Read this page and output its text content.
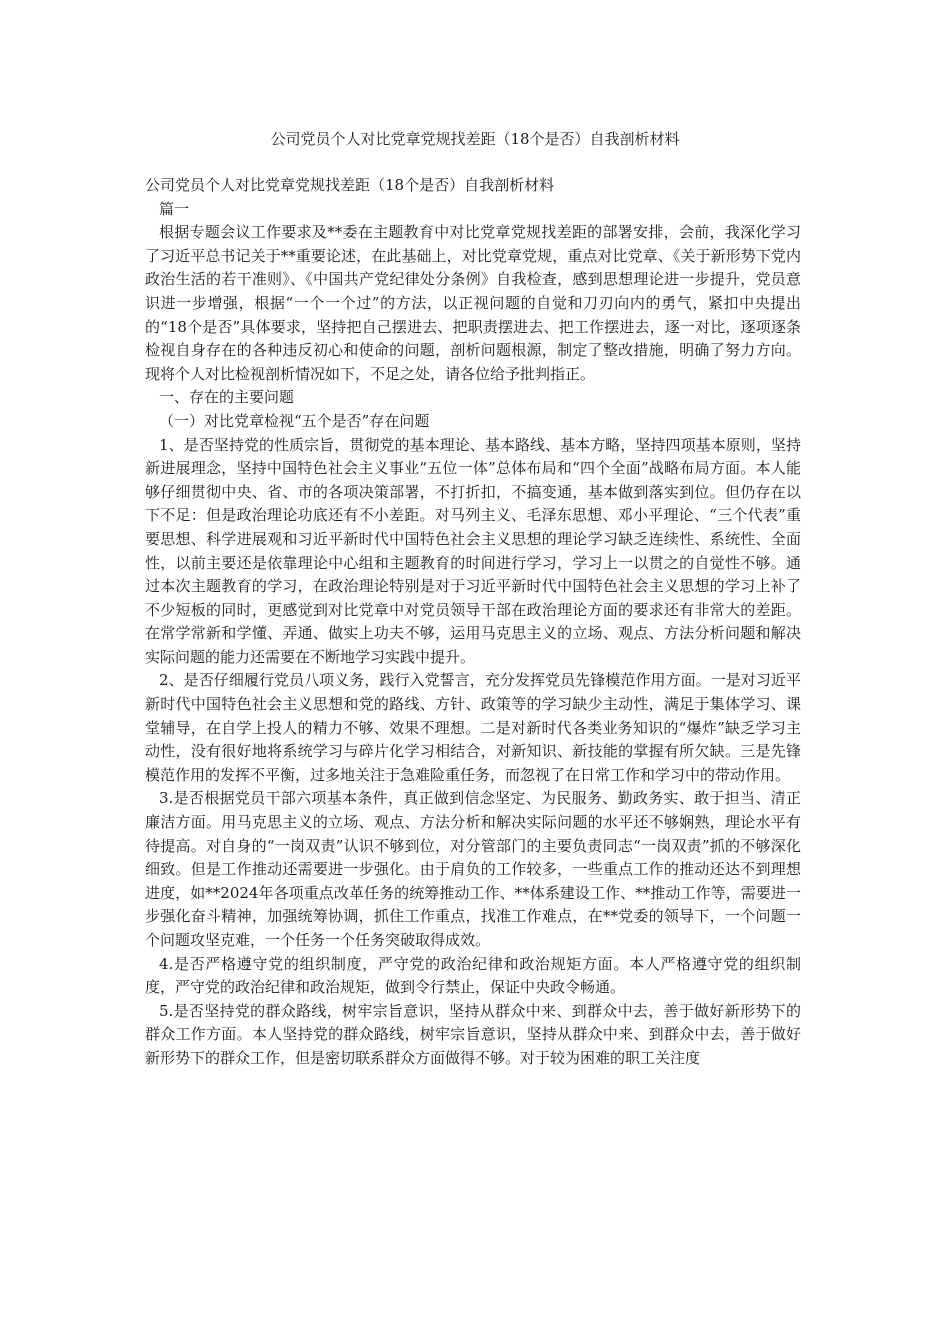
公司党员个人对比党章党规找差距（18个是否）自我剖析材料

公司党员个人对比党章党规找差距（18个是否）自我剖析材料

篇一

根据专题会议工作要求及**委在主题教育中对比党章党规找差距的部署安排，会前，我深化学习了习近平总书记关于**重要论述，在此基础上，对比党章党规，重点对比党章、《关于新形势下党内政治生活的若干准则》、《中国共产党纪律处分条例》自我检查，感到思想理论进一步提升，党员意识进一步增强，根据“一个一个过”的方法，以正视问题的自觉和刀刃向内的勇气，紧扣中央提出的“18个是否”具体要求，坚持把自己摆进去、把职责摆进去、把工作摆进去，逐一对比，逐项逐条检视自身存在的各种违反初心和使命的问题，剖析问题根源，制定了整改措施，明确了努力方向。现将个人对比检视剖析情况如下，不足之处，请各位给予批判指正。

一、存在的主要问题

（一）对比党章检视“五个是否”存在问题

1、是否坚持党的性质宗旨，贯彻党的基本理论、基本路线、基本方略，坚持四项基本原则，坚持新进展理念，坚持中国特色社会主义事业“五位一体”总体布局和“四个全面”战略布局方面。本人能够仔细贯彻中央、省、市的各项决策部署，不打折扣，不搞变通，基本做到落实到位。但仍存在以下不足：但是政治理论功底还有不小差距。对马列主义、毛泽东思想、邓小平理论、“三个代表”重要思想、科学进展观和习近平新时代中国特色社会主义思想的理论学习缺乏连续性、系统性、全面性，以前主要还是依靠理论中心组和主题教育的时间进行学习，学习上一以贯之的自觉性不够。通过本次主题教育的学习，在政治理论特别是对于习近平新时代中国特色社会主义思想的学习上补了不少短板的同时，更感觉到对比党章中对党员领导干部在政治理论方面的要求还有非常大的差距。在常学常新和学懂、弄通、做实上功夫不够，运用马克思主义的立场、观点、方法分析问题和解决实际问题的能力还需要在不断地学习实践中提升。

2、是否仔细履行党员八项义务，践行入党誓言，充分发挥党员先锋模范作用方面。一是对习近平新时代中国特色社会主义思想和党的路线、方针、政策等的学习缺少主动性，满足于集体学习、课堂辅导，在自学上投人的精力不够、效果不理想。二是对新时代各类业务知识的“爆炸”缺乏学习主动性，没有很好地将系统学习与碎片化学习相结合，对新知识、新技能的掌握有所欠缺。三是先锋模范作用的发挥不平衡，过多地关注于急难险重任务，而忽视了在日常工作和学习中的带动作用。

3.是否根据党员干部六项基本条件，真正做到信念坚定、为民服务、勤政务实、敢于担当、清正廉洁方面。用马克思主义的立场、观点、方法分析和解决实际问题的水平还不够娴熟，理论水平有待提高。对自身的“一岗双责”认识不够到位，对分管部门的主要负责同志“一岗双责”抓的不够深化细致。但是工作推动还需要进一步强化。由于肩负的工作较多，一些重点工作的推动还达不到理想进度，如**2024年各项重点改革任务的统筹推动工作、**体系建设工作、**推动工作等，需要进一步强化奋斗精神，加强统筹协调，抓住工作重点，找准工作难点，在**党委的领导下，一个问题一个问题攻坚克难，一个任务一个任务突破取得成效。

4.是否严格遵守党的组织制度，严守党的政治纪律和政治规矩方面。本人严格遵守党的组织制度，严守党的政治纪律和政治规矩，做到令行禁止，保证中央政令畅通。

5.是否坚持党的群众路线，树牢宗旨意识，坚持从群众中来、到群众中去，善于做好新形势下的群众工作方面。本人坚持党的群众路线，树牢宗旨意识，坚持从群众中来、到群众中去，善于做好新形势下的群众工作，但是密切联系群众方面做得不够。对于较为困难的职工关注度
